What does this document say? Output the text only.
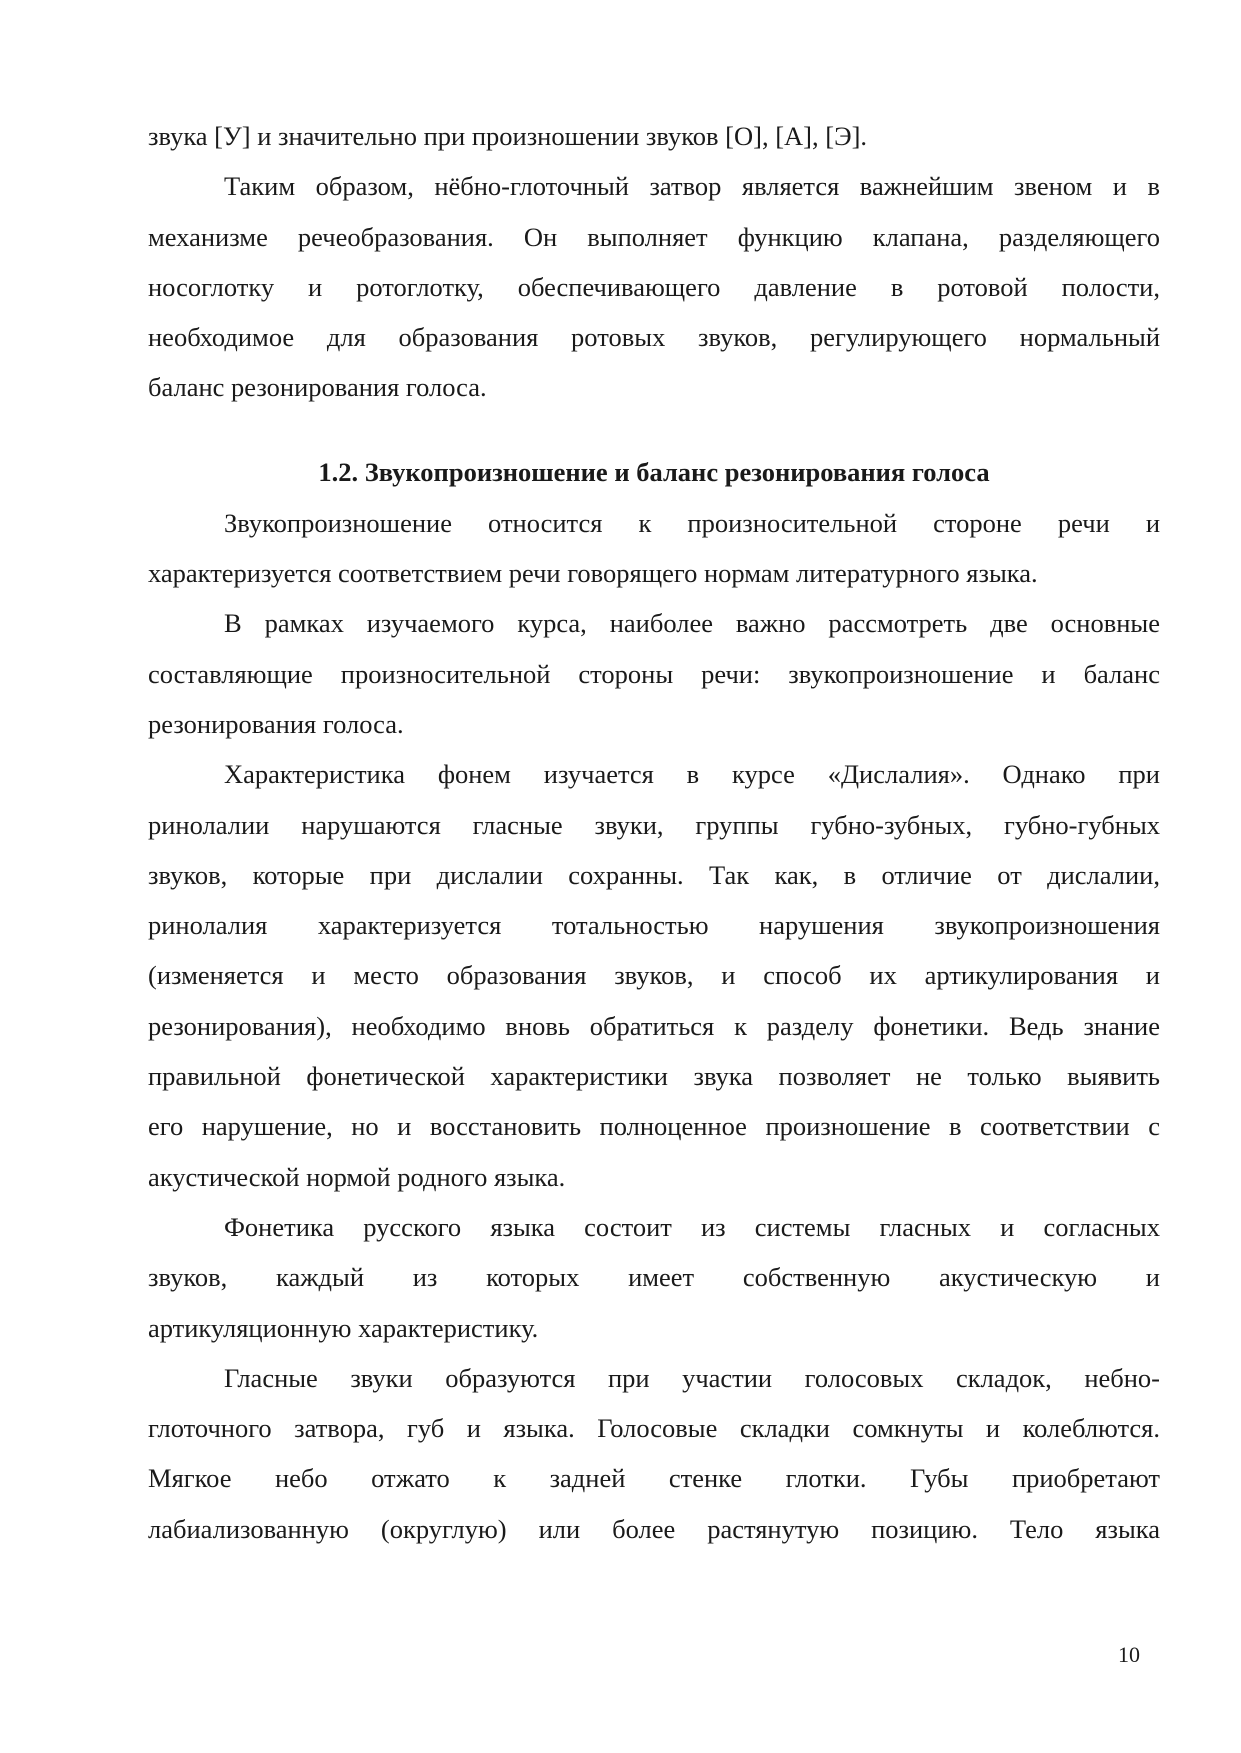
звука [У] и значительно при произношении звуков [О], [А], [Э].
Таким образом, нёбно-глоточный затвор является важнейшим звеном и в
механизме речеобразования. Он выполняет функцию клапана, разделяющего
носоглотку и ротоглотку, обеспечивающего давление в ротовой полости,
необходимое для образования ротовых звуков, регулирующего нормальный
баланс резонирования голоса.
1.2. Звукопроизношение и баланс резонирования голоса
Звукопроизношение относится к произносительной стороне речи и
характеризуется соответствием речи говорящего нормам литературного языка.
В рамках изучаемого курса, наиболее важно рассмотреть две основные
составляющие произносительной стороны речи: звукопроизношение и баланс
резонирования голоса.
Характеристика фонем изучается в курсе «Дислалия». Однако при
ринолалии нарушаются гласные звуки, группы губно-зубных, губно-губных
звуков, которые при дислалии сохранны. Так как, в отличие от дислалии,
ринолалия характеризуется тотальностью нарушения звукопроизношения
(изменяется и место образования звуков, и способ их артикулирования и
резонирования), необходимо вновь обратиться к разделу фонетики. Ведь знание
правильной фонетической характеристики звука позволяет не только выявить
его нарушение, но и восстановить полноценное произношение в соответствии с
акустической нормой родного языка.
Фонетика русского языка состоит из системы гласных и согласных
звуков, каждый из которых имеет собственную акустическую и
артикуляционную характеристику.
Гласные звуки образуются при участии голосовых складок, небно-
глоточного затвора, губ и языка. Голосовые складки сомкнуты и колеблются.
Мягкое небо отжато к задней стенке глотки. Губы приобретают
лабиализованную (округлую) или более растянутую позицию. Тело языка
10
